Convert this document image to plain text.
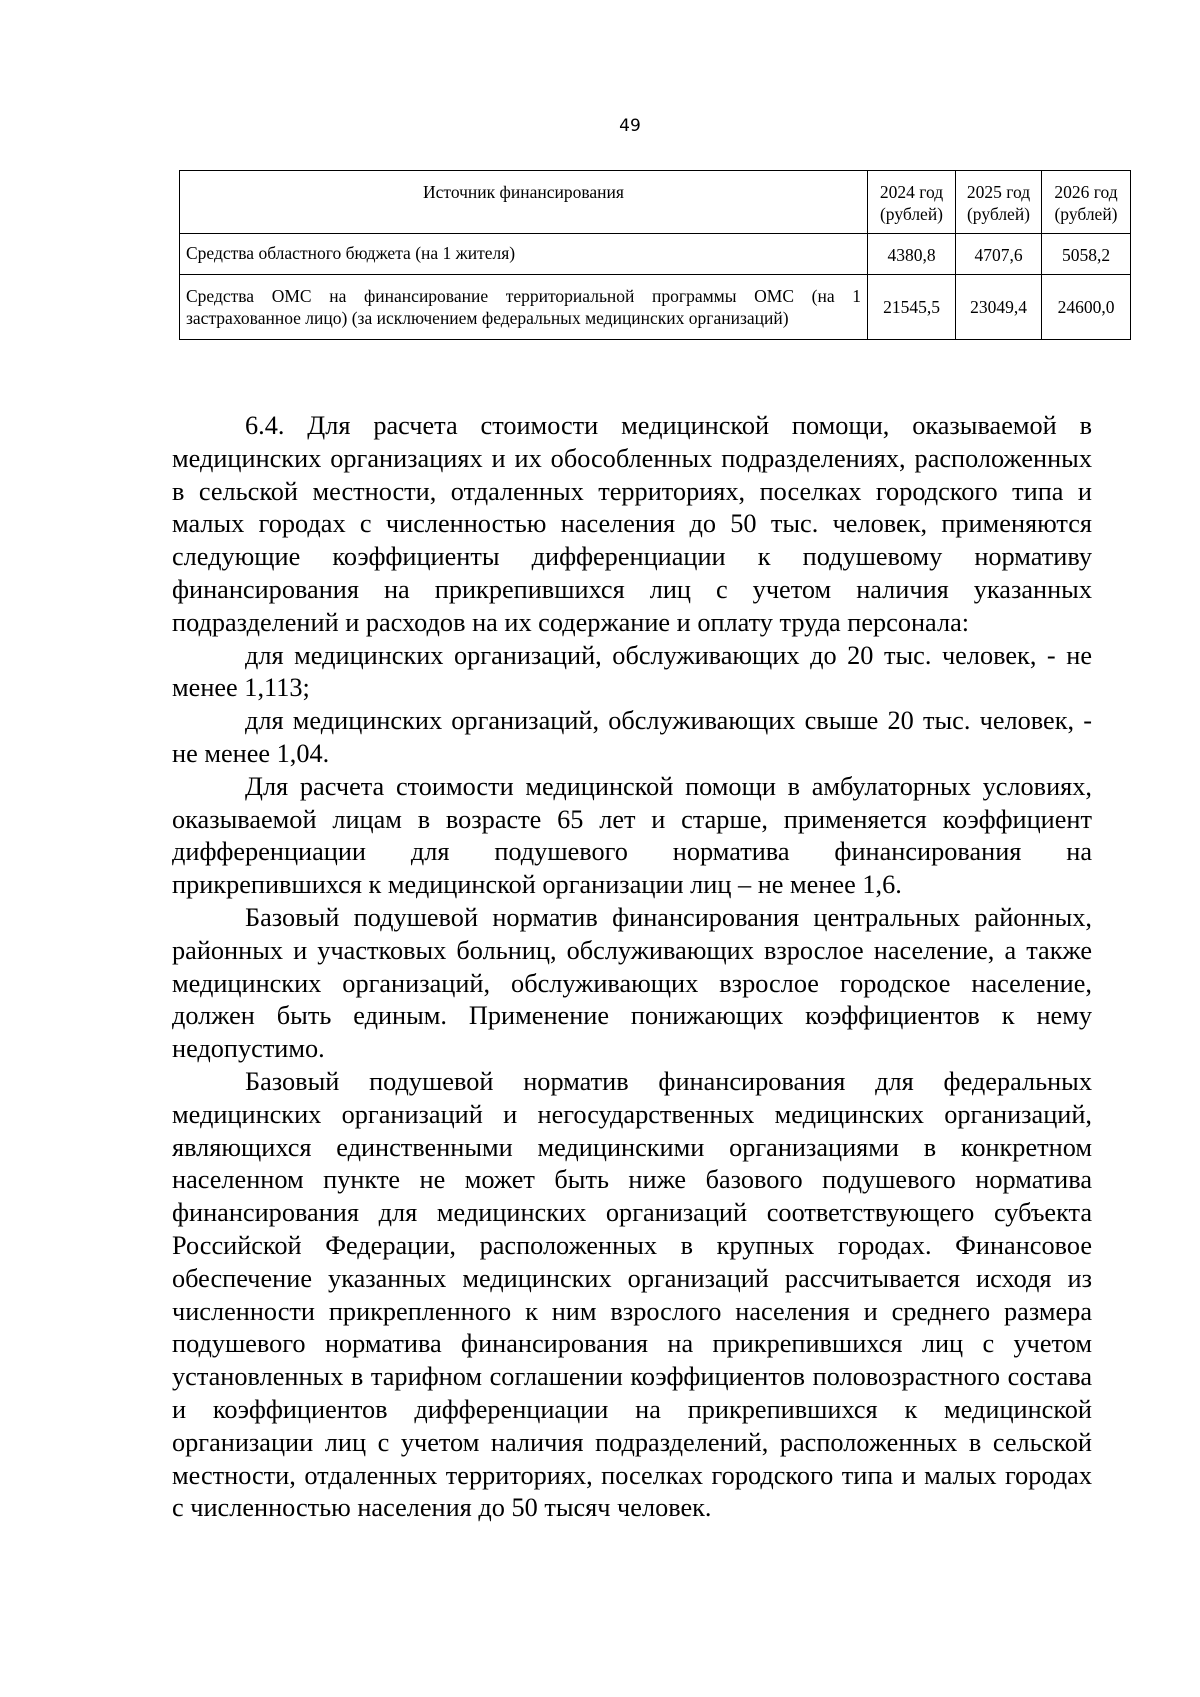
49
Источник финансирования	2024 год (рублей)	2025 год (рублей)	2026 год (рублей)
Средства областного бюджета (на 1 жителя)	4380,8	4707,6	5058,2
Средства ОМС на финансирование территориальной программы ОМС (на 1 застрахованное лицо) (за исключением федеральных медицинских организаций)	21545,5	23049,4	24600,0

6.4. Для расчета стоимости медицинской помощи, оказываемой в медицинских организациях и их обособленных подразделениях, расположенных в сельской местности, отдаленных территориях, поселках городского типа и малых городах с численностью населения до 50 тыс. человек, применяются следующие коэффициенты дифференциации к подушевому нормативу финансирования на прикрепившихся лиц с учетом наличия указанных подразделений и расходов на их содержание и оплату труда персонала:

для медицинских организаций, обслуживающих до 20 тыс. человек, - не менее 1,113;

для медицинских организаций, обслуживающих свыше 20 тыс. человек, - не менее 1,04.

Для расчета стоимости медицинской помощи в амбулаторных условиях, оказываемой лицам в возрасте 65 лет и старше, применяется коэффициент дифференциации для подушевого норматива финансирования на прикрепившихся к медицинской организации лиц – не менее 1,6.

Базовый подушевой норматив финансирования центральных районных, районных и участковых больниц, обслуживающих взрослое население, а также медицинских организаций, обслуживающих взрослое городское население, должен быть единым. Применение понижающих коэффициентов к нему недопустимо.

Базовый подушевой норматив финансирования для федеральных медицинских организаций и негосударственных медицинских организаций, являющихся единственными медицинскими организациями в конкретном населенном пункте не может быть ниже базового подушевого норматива финансирования для медицинских организаций соответствующего субъекта Российской Федерации, расположенных в крупных городах. Финансовое обеспечение указанных медицинских организаций рассчитывается исходя из численности прикрепленного к ним взрослого населения и среднего размера подушевого норматива финансирования на прикрепившихся лиц с учетом установленных в тарифном соглашении коэффициентов половозрастного состава и коэффициентов дифференциации на прикрепившихся к медицинской организации лиц с учетом наличия подразделений, расположенных в сельской местности, отдаленных территориях, поселках городского типа и малых городах с численностью населения до 50 тысяч человек.
